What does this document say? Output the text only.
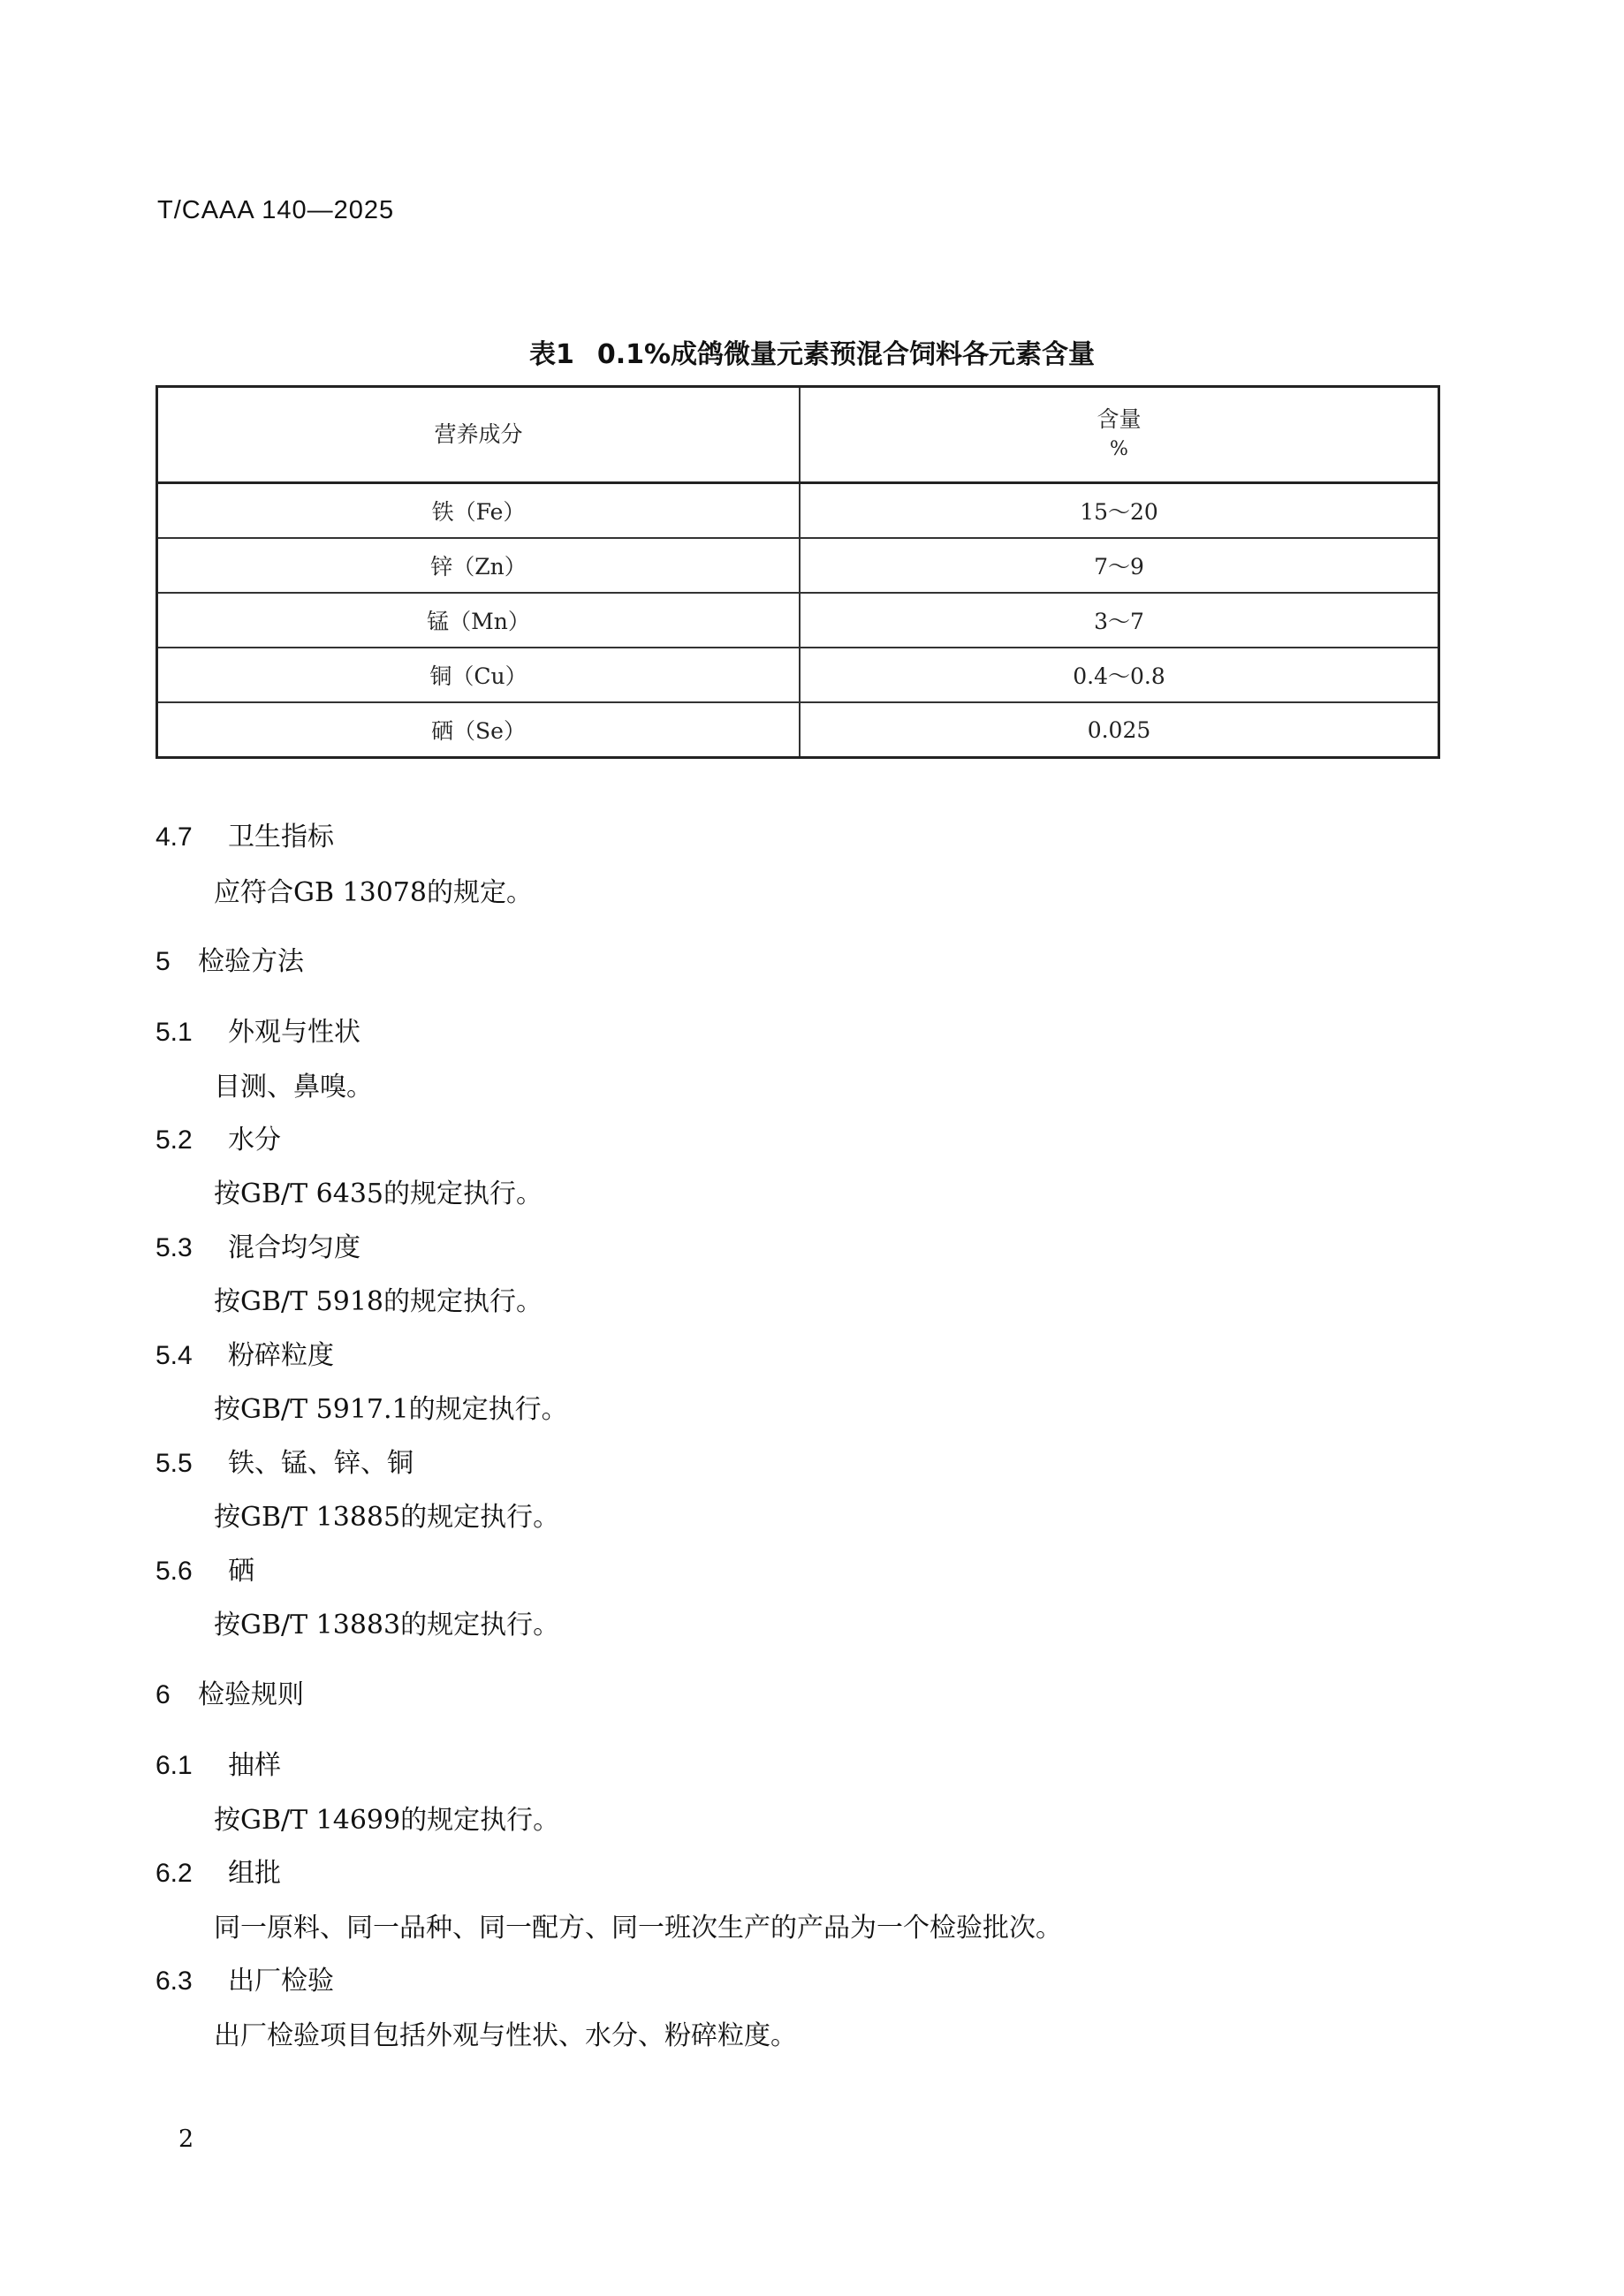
T/CAAA 140—2025
表1 0.1%成鸽微量元素预混合饲料各元素含量
营养成分	含量
%

铁（Fe）	15～20
锌（Zn）	7～9
锰（Mn）	3～7
铜（Cu）	0.4～0.8
硒（Se）	0.025
4.7 卫生指标
应符合GB 13078的规定。
5 检验方法
5.1 外观与性状
目测、鼻嗅。
5.2 水分
按GB/T 6435的规定执行。
5.3 混合均匀度
按GB/T 5918的规定执行。
5.4 粉碎粒度
按GB/T 5917.1的规定执行。
5.5 铁、锰、锌、铜
按GB/T 13885的规定执行。
5.6 硒
按GB/T 13883的规定执行。
6 检验规则
6.1 抽样
按GB/T 14699的规定执行。
6.2 组批
同一原料、同一品种、同一配方、同一班次生产的产品为一个检验批次。
6.3 出厂检验
出厂检验项目包括外观与性状、水分、粉碎粒度。
2
